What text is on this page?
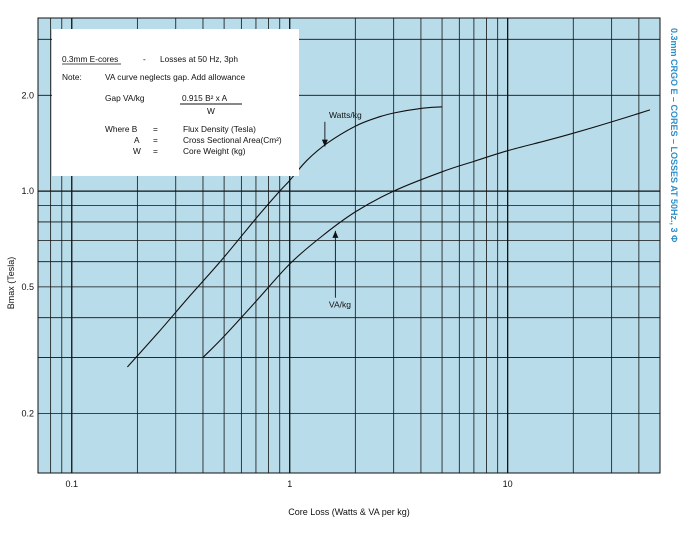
0.1	1	10
0.2
0.5
1.0
2.0
Watts/kg
VA/kg
0.3mm E-cores	- Losses at 50 Hz, 3ph
Note:	VA curve neglects gap. Add allowance
Gap VA/kg	0.915 B² x A
W
Where B =	Flux Density (Tesla)
A =	Cross Sectional Area(Cm²)
W =	Core Weight (kg)
Core Loss (Watts & VA per kg)
Bmax (Tesla)
0.3mm CRGO E – CORES – LOSSES AT 50Hz., 3 Φ
